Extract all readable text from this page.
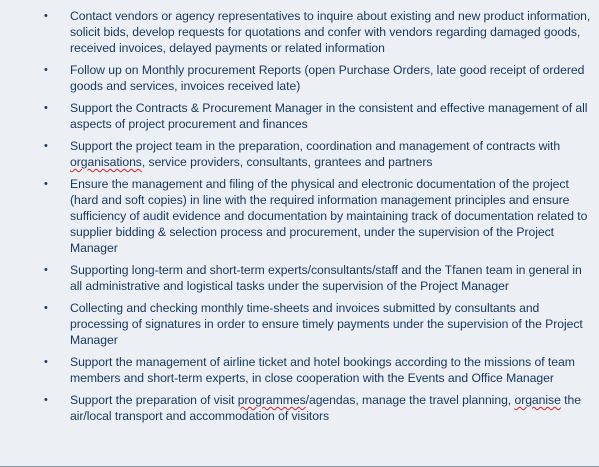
• Contact vendors or agency representatives to inquire about existing and new product information, solicit bids, develop requests for quotations and confer with vendors regarding damaged goods, received invoices, delayed payments or related information
• Follow up on Monthly procurement Reports (open Purchase Orders, late good receipt of ordered goods and services, invoices received late)
• Support the Contracts & Procurement Manager in the consistent and effective management of all aspects of project procurement and finances
• Support the project team in the preparation, coordination and management of contracts with organisations, service providers, consultants, grantees and partners
• Ensure the management and filing of the physical and electronic documentation of the project (hard and soft copies) in line with the required information management principles and ensure sufficiency of audit evidence and documentation by maintaining track of documentation related to supplier bidding & selection process and procurement, under the supervision of the Project Manager
• Supporting long-term and short-term experts/consultants/staff and the Tfanen team in general in all administrative and logistical tasks under the supervision of the Project Manager
• Collecting and checking monthly time-sheets and invoices submitted by consultants and processing of signatures in order to ensure timely payments under the supervision of the Project Manager
• Support the management of airline ticket and hotel bookings according to the missions of team members and short-term experts, in close cooperation with the Events and Office Manager
• Support the preparation of visit programmes/agendas, manage the travel planning, organise the air/local transport and accommodation of visitors
